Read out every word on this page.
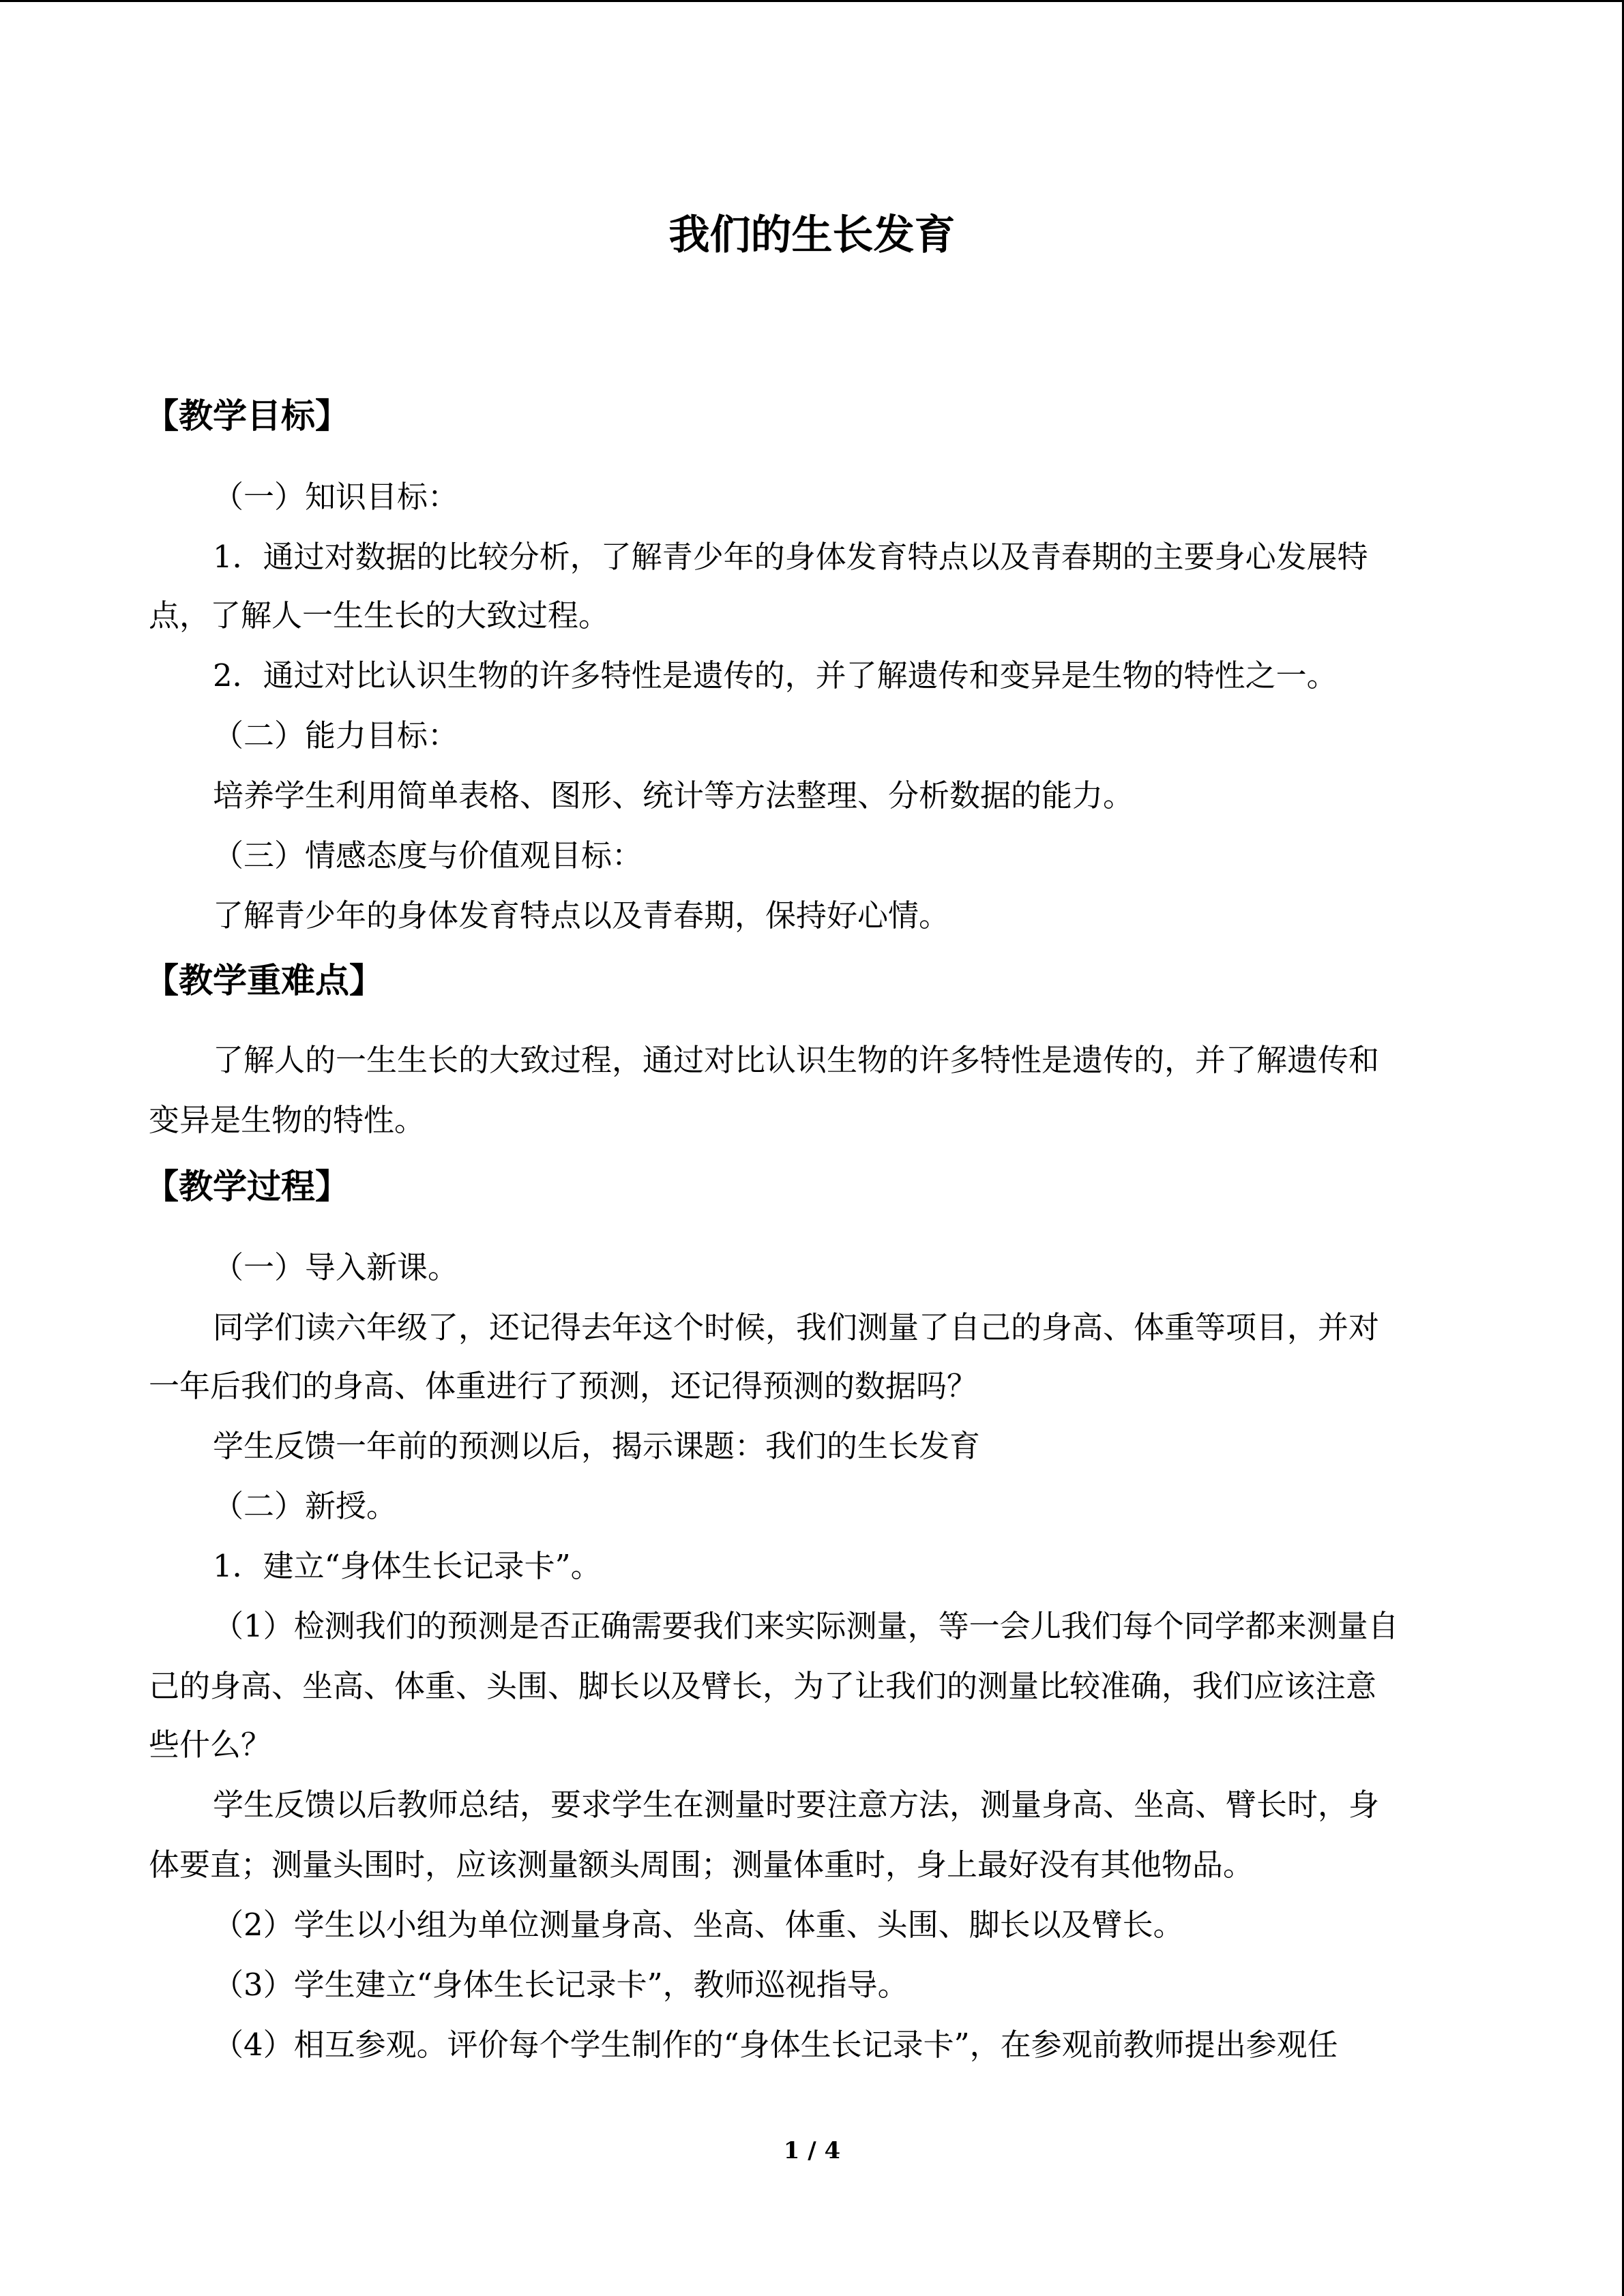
我们的生长发育
【教学目标】
（一）知识目标：
1．通过对数据的比较分析，了解青少年的身体发育特点以及青春期的主要身心发展特
点，了解人一生生长的大致过程。
2．通过对比认识生物的许多特性是遗传的，并了解遗传和变异是生物的特性之一。
（二）能力目标：
培养学生利用简单表格、图形、统计等方法整理、分析数据的能力。
（三）情感态度与价值观目标：
了解青少年的身体发育特点以及青春期，保持好心情。
【教学重难点】
了解人的一生生长的大致过程，通过对比认识生物的许多特性是遗传的，并了解遗传和
变异是生物的特性。
【教学过程】
（一）导入新课。
同学们读六年级了，还记得去年这个时候，我们测量了自己的身高、体重等项目，并对
一年后我们的身高、体重进行了预测，还记得预测的数据吗？
学生反馈一年前的预测以后，揭示课题：我们的生长发育
（二）新授。
1．建立“身体生长记录卡”。
（1）检测我们的预测是否正确需要我们来实际测量，等一会儿我们每个同学都来测量自
己的身高、坐高、体重、头围、脚长以及臂长，为了让我们的测量比较准确，我们应该注意
些什么？
学生反馈以后教师总结，要求学生在测量时要注意方法，测量身高、坐高、臂长时，身
体要直；测量头围时，应该测量额头周围；测量体重时，身上最好没有其他物品。
（2）学生以小组为单位测量身高、坐高、体重、头围、脚长以及臂长。
（3）学生建立“身体生长记录卡”，教师巡视指导。
（4）相互参观。评价每个学生制作的“身体生长记录卡”，在参观前教师提出参观任
1 / 4
